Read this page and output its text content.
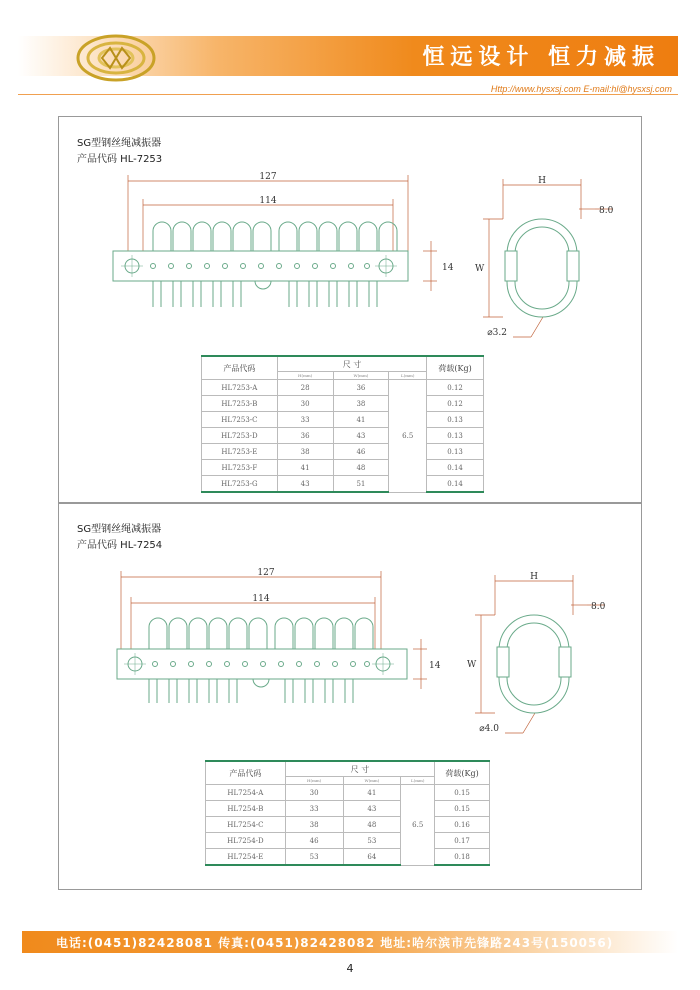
恒远设计 恒力减振
Http://www.hysxsj.com E-mail:hl@hysxsj.com
SG型钢丝绳减振器
产品代码 HL-7253
127
114
14
H
W
8.0
⌀3.2
产品代码	尺 寸			荷载(Kg)
	H(mm)	W(mm)	L(mm)	
HL7253-A	28	36	6.5	0.12
HL7253-B	30	38		0.12
HL7253-C	33	41		0.13
HL7253-D	36	43		0.13
HL7253-E	38	46		0.13
HL7253-F	41	48		0.14
HL7253-G	43	51		0.14
SG型钢丝绳减振器
产品代码 HL-7254
127
114
14
H
W
8.0
⌀4.0
产品代码	尺 寸			荷载(Kg)
	H(mm)	W(mm)	L(mm)	
HL7254-A	30	41	6.5	0.15
HL7254-B	33	43		0.15
HL7254-C	38	48		0.16
HL7254-D	46	53		0.17
HL7254-E	53	64		0.18
电话:(0451)82428081 传真:(0451)82428082 地址:哈尔滨市先锋路243号(150056)
4
